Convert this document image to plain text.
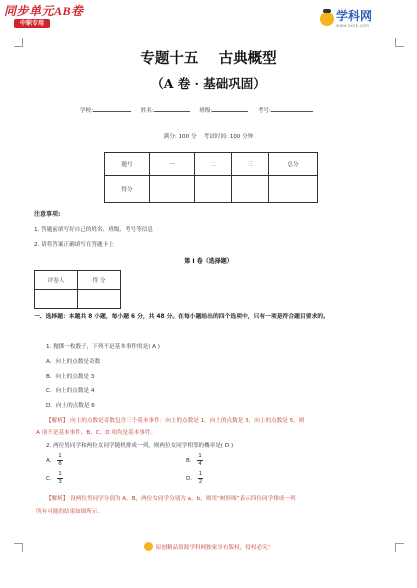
同步单元AB卷
中职专用
学科网
www.zxxk.com
专题十五    古典概型
（A 卷 · 基础巩固）
学校:	姓名:	班级:	考号:
满分: 100 分    考试时间: 100 分钟
题号	一	二	三	总分
得分				
注意事项:
1. 答题前填写好自己的姓名、班级、考号等信息
2. 请将答案正确填写在答题卡上
第 I 卷（选择题）
评卷人	得 分

一、选择题：本题共 8 小题，每小题 6 分，共 48 分。在每小题给出的四个选项中，只有一项是符合题目要求的。
1. 抛掷一枚骰子，下列不是基本事件的是( A )
A．向上的点数是奇数
B．向上的点数是 3
C．向上的点数是 4
D．向上的点数是 6
【解析】 向上的点数是奇数包含三个基本事件：向上的点数是 1，向上的点数是 3，向上的点数是 5，则
A 项不是基本事件，B、C、D 项均是基本事件。
2. 两位男同学和两位女同学随机排成一列，则两位女同学相邻的概率是( D )
A． $\frac{1}{6}$	B． $\frac{1}{4}$
C． $\frac{1}{3}$	D． $\frac{1}{2}$
【解析】 设两位男同学分别为 A，B，两位女同学分别为 a，b，则用“树形图”表示四位同学排成一列
所有可能的结果如图所示.
原创精品资源学科网独家享有版权，侵权必究！
